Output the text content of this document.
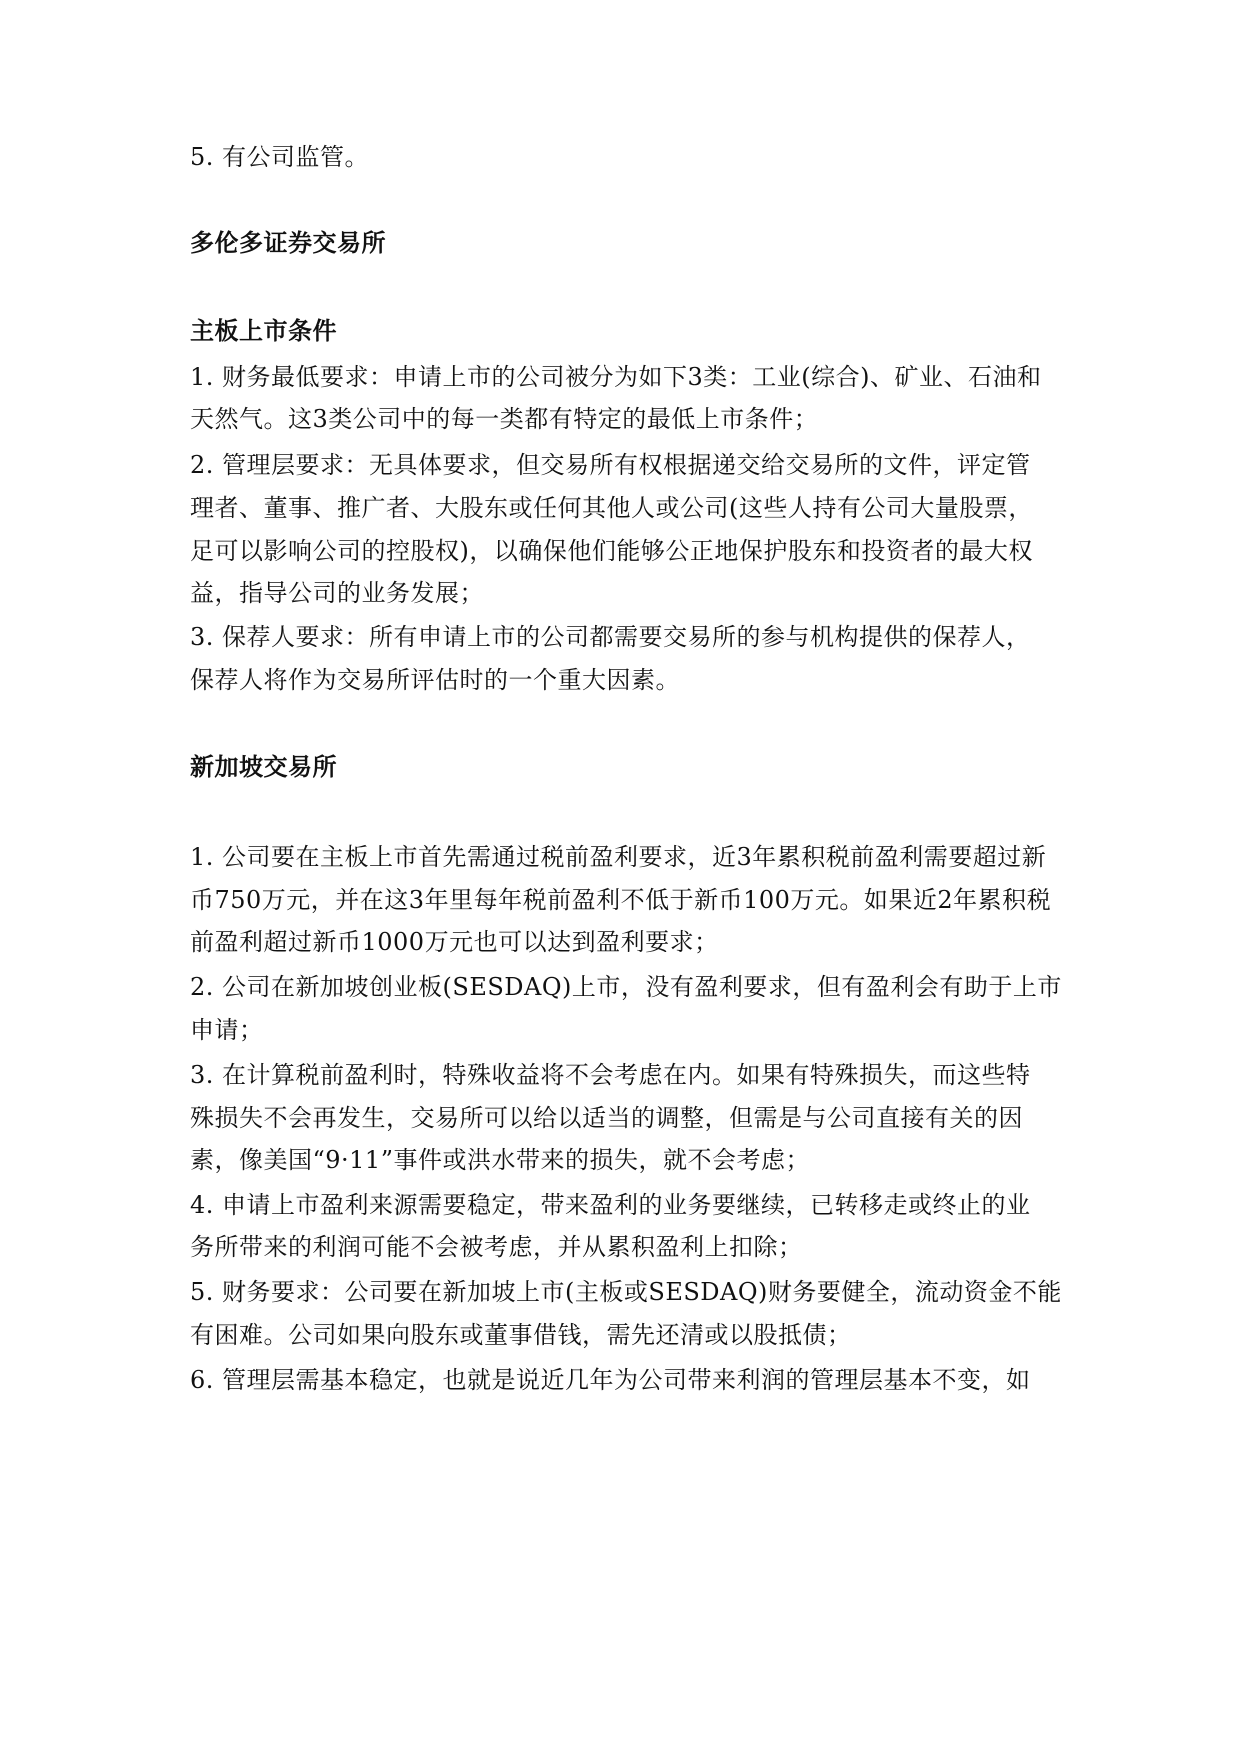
5. 有公司监管。
多伦多证券交易所
主板上市条件
1. 财务最低要求：申请上市的公司被分为如下3类：工业(综合)、矿业、石油和
天然气。这3类公司中的每一类都有特定的最低上市条件；
2. 管理层要求：无具体要求，但交易所有权根据递交给交易所的文件，评定管
理者、董事、推广者、大股东或任何其他人或公司(这些人持有公司大量股票，
足可以影响公司的控股权)，以确保他们能够公正地保护股东和投资者的最大权
益，指导公司的业务发展；
3. 保荐人要求：所有申请上市的公司都需要交易所的参与机构提供的保荐人，
保荐人将作为交易所评估时的一个重大因素。
新加坡交易所
1. 公司要在主板上市首先需通过税前盈利要求，近3年累积税前盈利需要超过新
币750万元，并在这3年里每年税前盈利不低于新币100万元。如果近2年累积税
前盈利超过新币1000万元也可以达到盈利要求；
2. 公司在新加坡创业板(SESDAQ)上市，没有盈利要求，但有盈利会有助于上市
申请；
3. 在计算税前盈利时，特殊收益将不会考虑在内。如果有特殊损失，而这些特
殊损失不会再发生，交易所可以给以适当的调整，但需是与公司直接有关的因
素，像美国“9·11”事件或洪水带来的损失，就不会考虑；
4. 申请上市盈利来源需要稳定，带来盈利的业务要继续，已转移走或终止的业
务所带来的利润可能不会被考虑，并从累积盈利上扣除；
5. 财务要求：公司要在新加坡上市(主板或SESDAQ)财务要健全，流动资金不能
有困难。公司如果向股东或董事借钱，需先还清或以股抵债；
6. 管理层需基本稳定，也就是说近几年为公司带来利润的管理层基本不变，如
